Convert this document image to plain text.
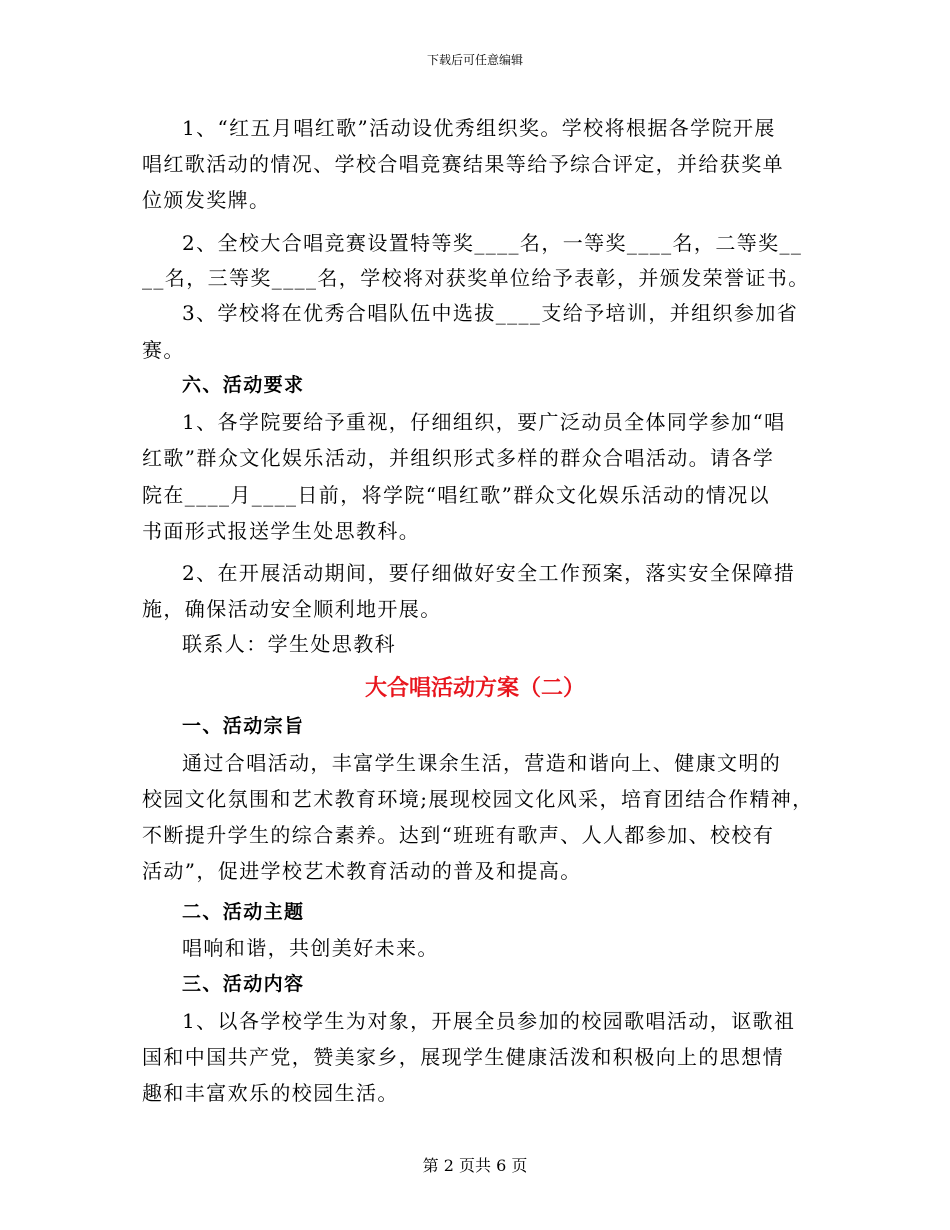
下载后可任意编辑
1、“红五月唱红歌”活动设优秀组织奖。学校将根据各学院开展
唱红歌活动的情况、学校合唱竞赛结果等给予综合评定，并给获奖单
位颁发奖牌。
2、全校大合唱竞赛设置特等奖____名，一等奖____名，二等奖__
__名，三等奖____名，学校将对获奖单位给予表彰，并颁发荣誉证书。
3、学校将在优秀合唱队伍中选拔____支给予培训，并组织参加省
赛。
六、活动要求
1、各学院要给予重视，仔细组织，要广泛动员全体同学参加“唱
红歌”群众文化娱乐活动，并组织形式多样的群众合唱活动。请各学
院在____月____日前，将学院“唱红歌”群众文化娱乐活动的情况以
书面形式报送学生处思教科。
2、在开展活动期间，要仔细做好安全工作预案，落实安全保障措
施，确保活动安全顺利地开展。
联系人：学生处思教科
大合唱活动方案（二）
一、活动宗旨
通过合唱活动，丰富学生课余生活，营造和谐向上、健康文明的
校园文化氛围和艺术教育环境;展现校园文化风采，培育团结合作精神，
不断提升学生的综合素养。达到“班班有歌声、人人都参加、校校有
活动”，促进学校艺术教育活动的普及和提高。
二、活动主题
唱响和谐，共创美好未来。
三、活动内容
1、以各学校学生为对象，开展全员参加的校园歌唱活动，讴歌祖
国和中国共产党，赞美家乡，展现学生健康活泼和积极向上的思想情
趣和丰富欢乐的校园生活。
第 2 页共 6 页
